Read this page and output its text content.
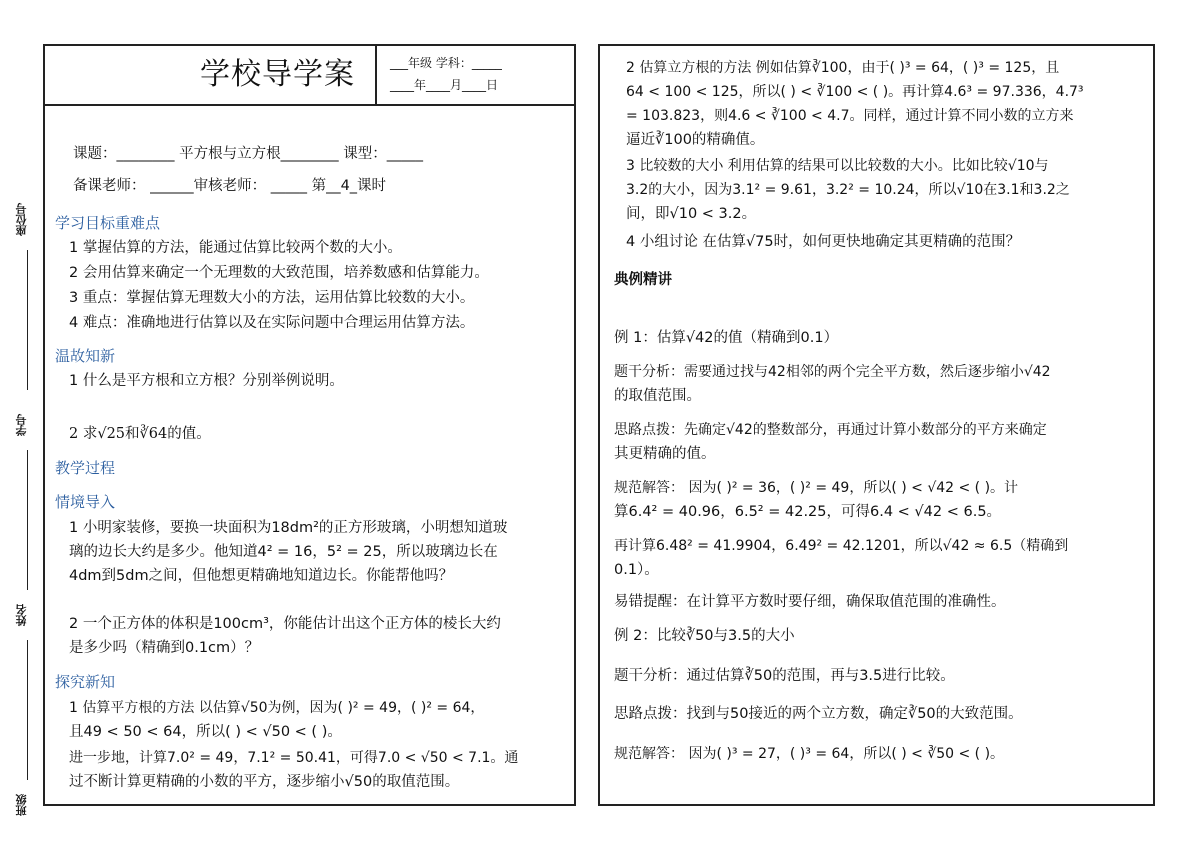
座位号
学号
姓名
班级
学校导学案	___年级 学科：_____
____年____月____日
课题：________ 平方根与立方根________ 课型：_____
备课老师： ______审核老师： _____ 第__4_课时
学习目标重难点
1 掌握估算的方法，能通过估算比较两个数的大小。
2 会用估算来确定一个无理数的大致范围，培养数感和估算能力。
3 重点：掌握估算无理数大小的方法，运用估算比较数的大小。
4 难点：准确地进行估算以及在实际问题中合理运用估算方法。
温故知新
1 什么是平方根和立方根？分别举例说明。
2 求√25和∛64的值。
教学过程
情境导入
1 小明家装修，要换一块面积为18dm²的正方形玻璃，小明想知道玻
璃的边长大约是多少。他知道4² = 16，5² = 25，所以玻璃边长在
4dm到5dm之间，但他想更精确地知道边长。你能帮他吗？
2 一个正方体的体积是100cm³，你能估计出这个正方体的棱长大约
是多少吗（精确到0.1cm）？
探究新知
1 估算平方根的方法 以估算√50为例，因为( )² = 49，( )² = 64，
且49 < 50 < 64，所以( ) < √50 < ( )。
进一步地，计算7.0² = 49，7.1² = 50.41，可得7.0 < √50 < 7.1。通
过不断计算更精确的小数的平方，逐步缩小√50的取值范围。
2 估算立方根的方法 例如估算∛100，由于( )³ = 64，( )³ = 125，且
64 < 100 < 125，所以( ) < ∛100 < ( )。再计算4.6³ = 97.336，4.7³
= 103.823，则4.6 < ∛100 < 4.7。同样，通过计算不同小数的立方来
逼近∛100的精确值。
3 比较数的大小 利用估算的结果可以比较数的大小。比如比较√10与
3.2的大小，因为3.1² = 9.61，3.2² = 10.24，所以√10在3.1和3.2之
间，即√10 < 3.2。
4 小组讨论 在估算√75时，如何更快地确定其更精确的范围？
典例精讲
例 1：估算√42的值（精确到0.1）
题干分析：需要通过找与42相邻的两个完全平方数，然后逐步缩小√42
的取值范围。
思路点拨：先确定√42的整数部分，再通过计算小数部分的平方来确定
其更精确的值。
规范解答： 因为( )² = 36，( )² = 49，所以( ) < √42 < ( )。计
算6.4² = 40.96，6.5² = 42.25，可得6.4 < √42 < 6.5。
再计算6.48² = 41.9904，6.49² = 42.1201，所以√42 ≈ 6.5（精确到
0.1）。
易错提醒：在计算平方数时要仔细，确保取值范围的准确性。
例 2：比较∛50与3.5的大小
题干分析：通过估算∛50的范围，再与3.5进行比较。
思路点拨：找到与50接近的两个立方数，确定∛50的大致范围。
规范解答： 因为( )³ = 27，( )³ = 64，所以( ) < ∛50 < ( )。
